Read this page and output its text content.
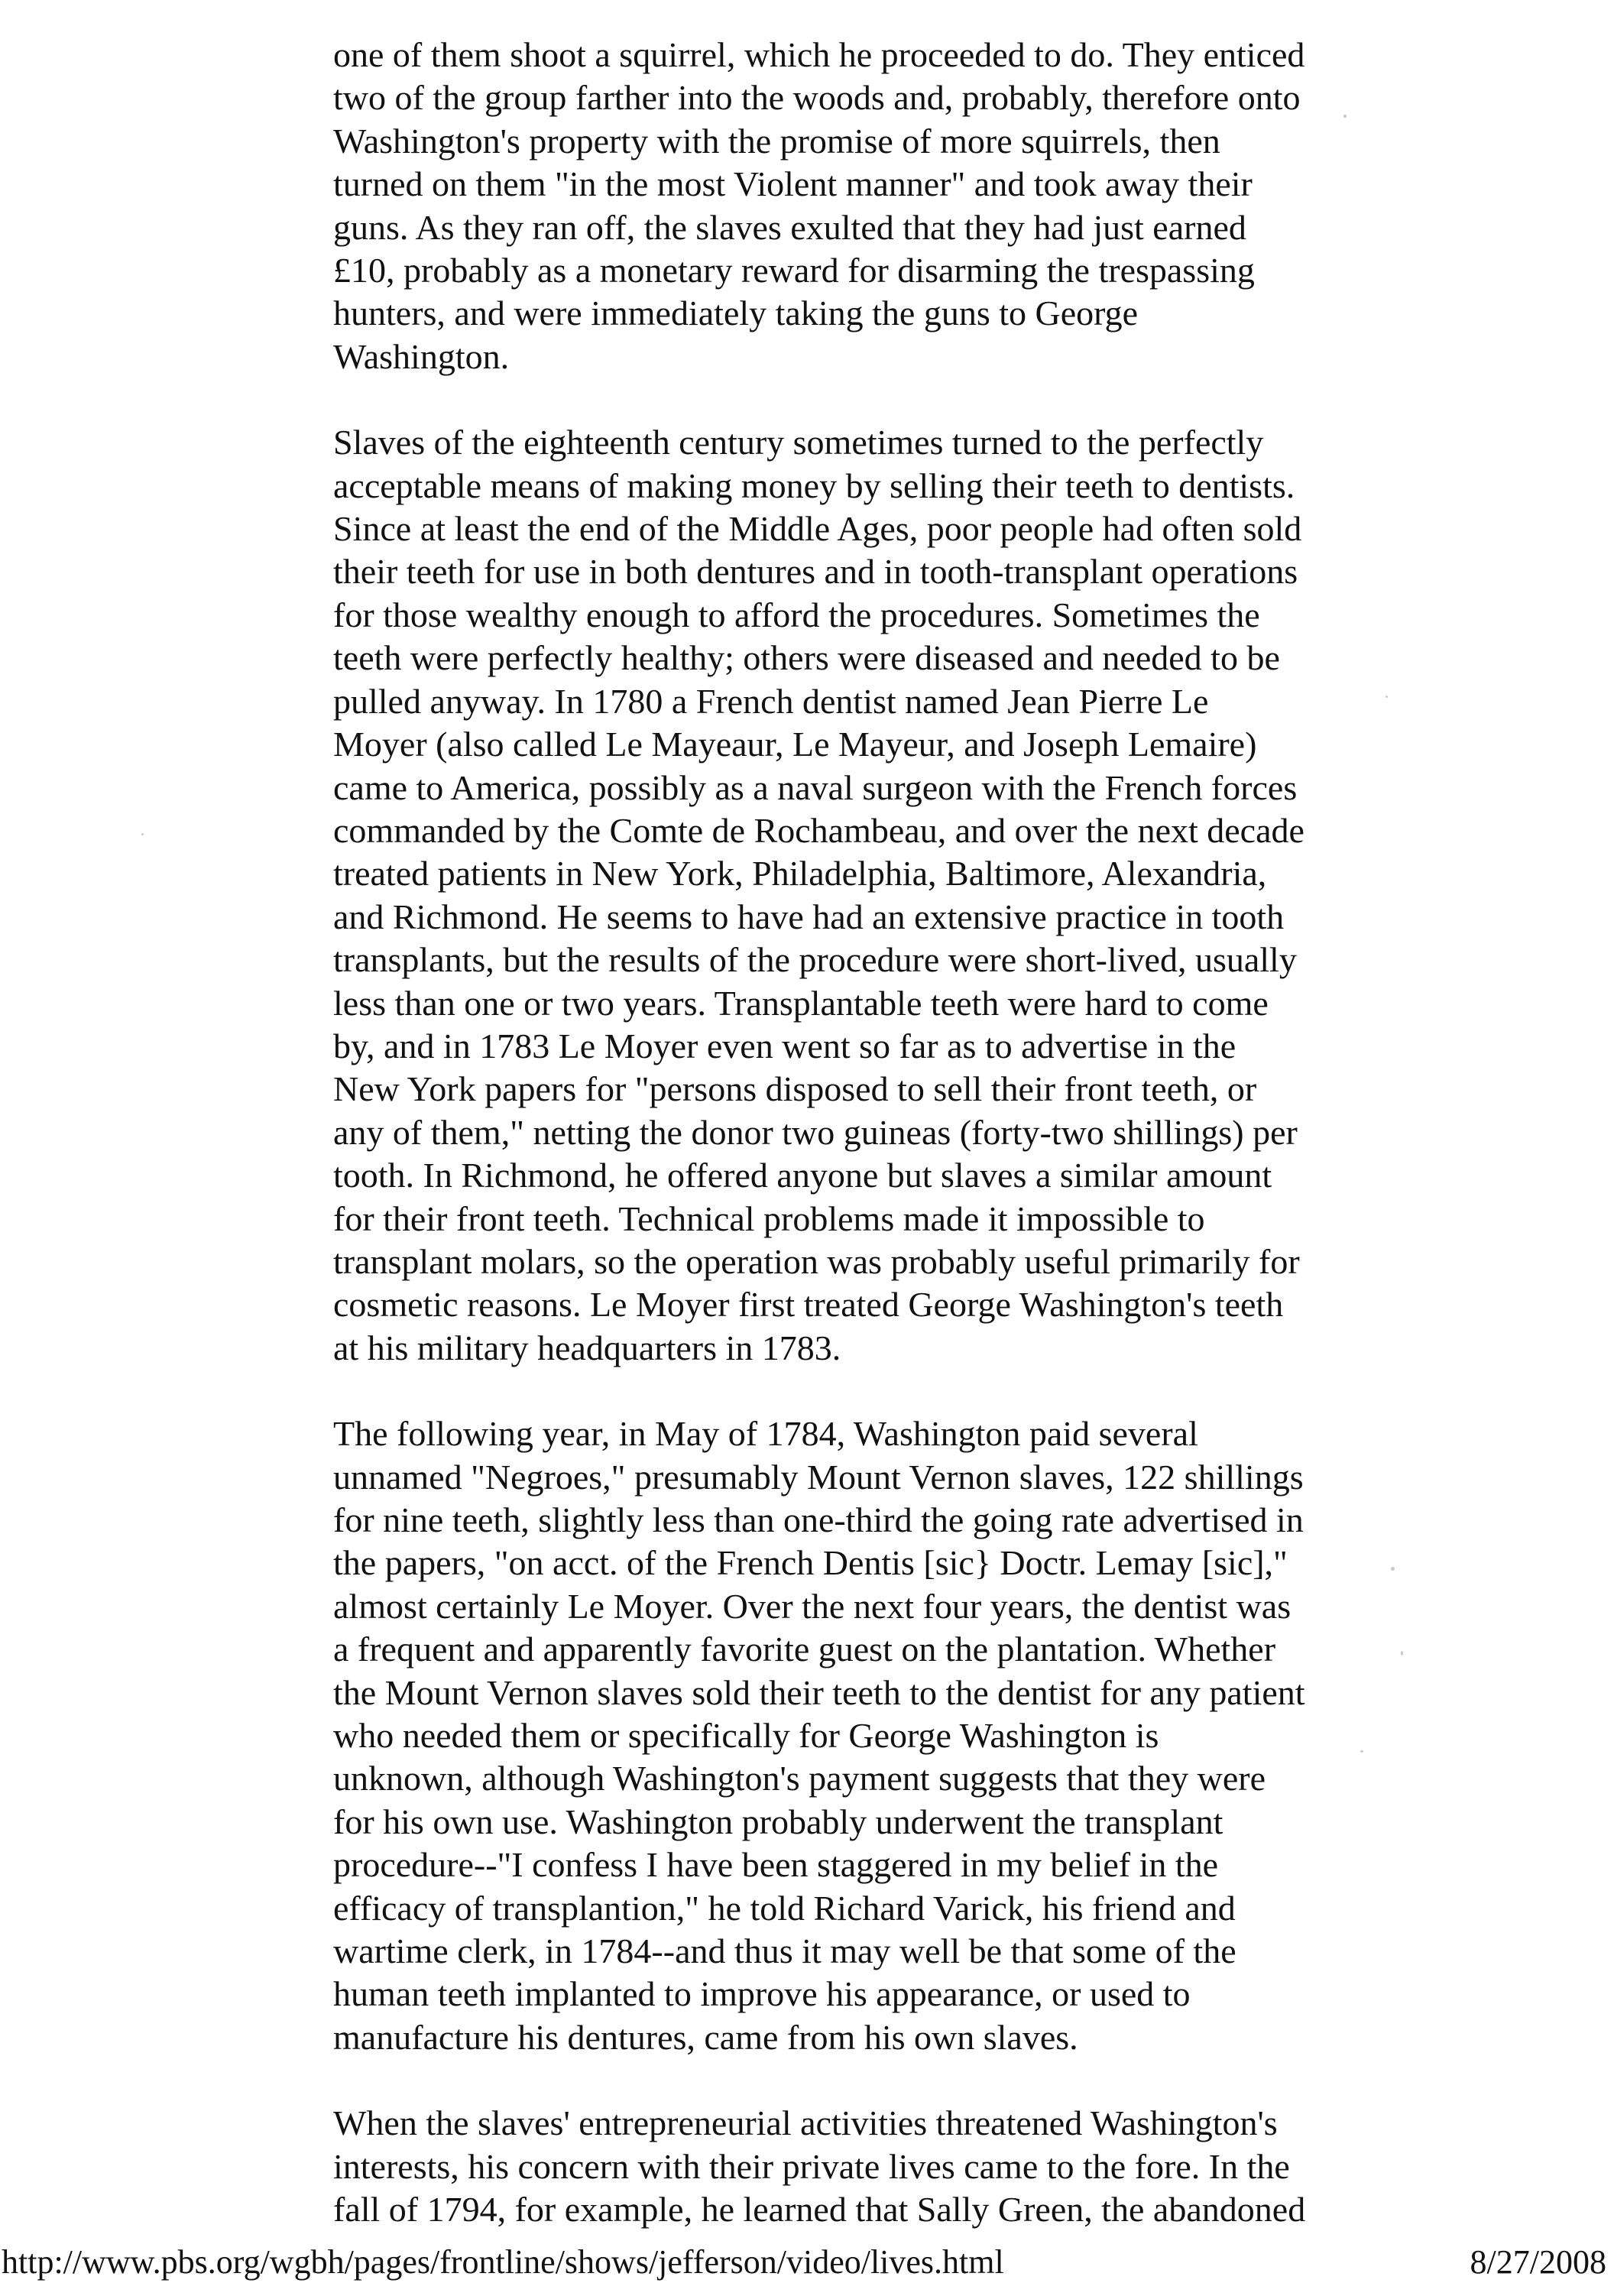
one of them shoot a squirrel, which he proceeded to do. They enticed
two of the group farther into the woods and, probably, therefore onto
Washington's property with the promise of more squirrels, then
turned on them "in the most Violent manner" and took away their
guns. As they ran off, the slaves exulted that they had just earned
£10, probably as a monetary reward for disarming the trespassing
hunters, and were immediately taking the guns to George
Washington.
Slaves of the eighteenth century sometimes turned to the perfectly
acceptable means of making money by selling their teeth to dentists.
Since at least the end of the Middle Ages, poor people had often sold
their teeth for use in both dentures and in tooth-transplant operations
for those wealthy enough to afford the procedures. Sometimes the
teeth were perfectly healthy; others were diseased and needed to be
pulled anyway. In 1780 a French dentist named Jean Pierre Le
Moyer (also called Le Mayeaur, Le Mayeur, and Joseph Lemaire)
came to America, possibly as a naval surgeon with the French forces
commanded by the Comte de Rochambeau, and over the next decade
treated patients in New York, Philadelphia, Baltimore, Alexandria,
and Richmond. He seems to have had an extensive practice in tooth
transplants, but the results of the procedure were short-lived, usually
less than one or two years. Transplantable teeth were hard to come
by, and in 1783 Le Moyer even went so far as to advertise in the
New York papers for "persons disposed to sell their front teeth, or
any of them," netting the donor two guineas (forty-two shillings) per
tooth. In Richmond, he offered anyone but slaves a similar amount
for their front teeth. Technical problems made it impossible to
transplant molars, so the operation was probably useful primarily for
cosmetic reasons. Le Moyer first treated George Washington's teeth
at his military headquarters in 1783.
The following year, in May of 1784, Washington paid several
unnamed "Negroes," presumably Mount Vernon slaves, 122 shillings
for nine teeth, slightly less than one-third the going rate advertised in
the papers, "on acct. of the French Dentis [sic} Doctr. Lemay [sic],"
almost certainly Le Moyer. Over the next four years, the dentist was
a frequent and apparently favorite guest on the plantation. Whether
the Mount Vernon slaves sold their teeth to the dentist for any patient
who needed them or specifically for George Washington is
unknown, although Washington's payment suggests that they were
for his own use. Washington probably underwent the transplant
procedure--"I confess I have been staggered in my belief in the
efficacy of transplantion," he told Richard Varick, his friend and
wartime clerk, in 1784--and thus it may well be that some of the
human teeth implanted to improve his appearance, or used to
manufacture his dentures, came from his own slaves.
When the slaves' entrepreneurial activities threatened Washington's
interests, his concern with their private lives came to the fore. In the
fall of 1794, for example, he learned that Sally Green, the abandoned
http://www.pbs.org/wgbh/pages/frontline/shows/jefferson/video/lives.html	8/27/2008
